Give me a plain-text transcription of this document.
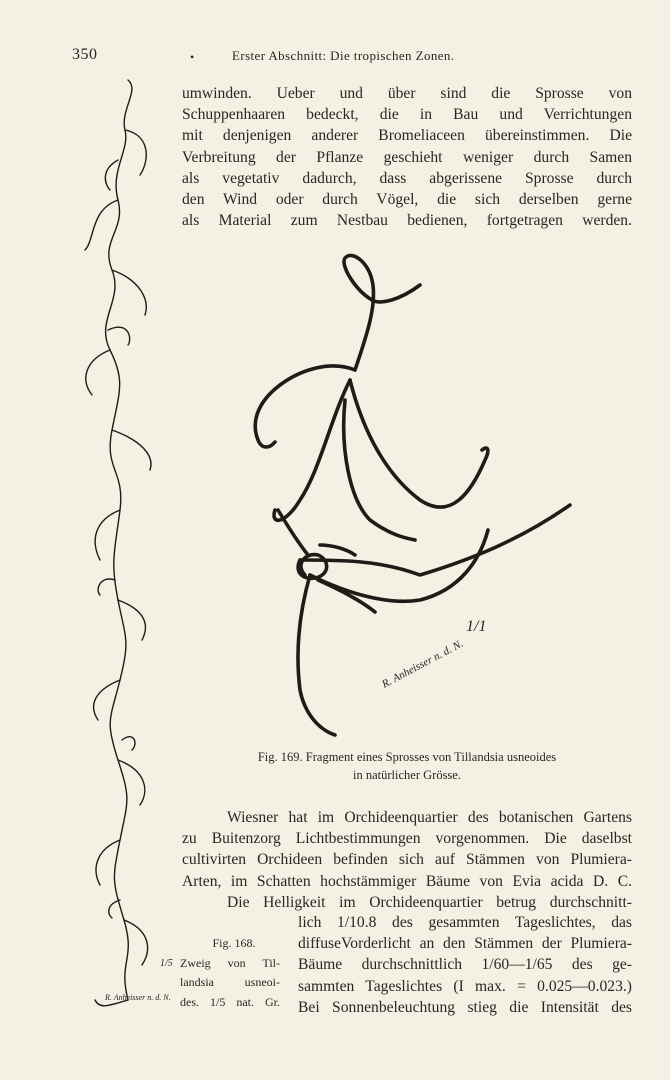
350	•	Erster Abschnitt: Die tropischen Zonen.
umwinden. Ueber und über sind die Sprosse von
Schuppenhaaren bedeckt, die in Bau und Verrichtungen
mit denjenigen anderer Bromeliaceen übereinstimmen. Die
Verbreitung der Pflanze geschieht weniger durch Samen
als vegetativ dadurch, dass abgerissene Sprosse durch
den Wind oder durch Vögel, die sich derselben gerne
als Material zum Nestbau bedienen, fortgetragen werden.
1/1
R. Anheisser n. d. N.
Fig. 169. Fragment eines Sprosses von Tillandsia usneoides
in natürlicher Grösse.
Wiesner hat im Orchideenquartier des botanischen Gartens
zu Buitenzorg Lichtbestimmungen vorgenommen. Die daselbst
cultivirten Orchideen befinden sich auf Stämmen von Plumiera-
Arten, im Schatten hochstämmiger Bäume von Evia acida D. C.
Die Helligkeit im Orchideenquartier betrug durchschnitt-
lich 1/10.8 des gesammten Tageslichtes, das
diffuseVorderlicht an den Stämmen der Plumiera-
Bäume durchschnittlich 1/60—1/65 des ge-
sammten Tageslichtes (I max. = 0.025—0.023.)
Bei Sonnenbeleuchtung stieg die Intensität des
1/5
R. Anheisser n. d. N.
Fig. 168.
Zweig von Til-
landsia usneoi-
des. 1/5 nat. Gr.
